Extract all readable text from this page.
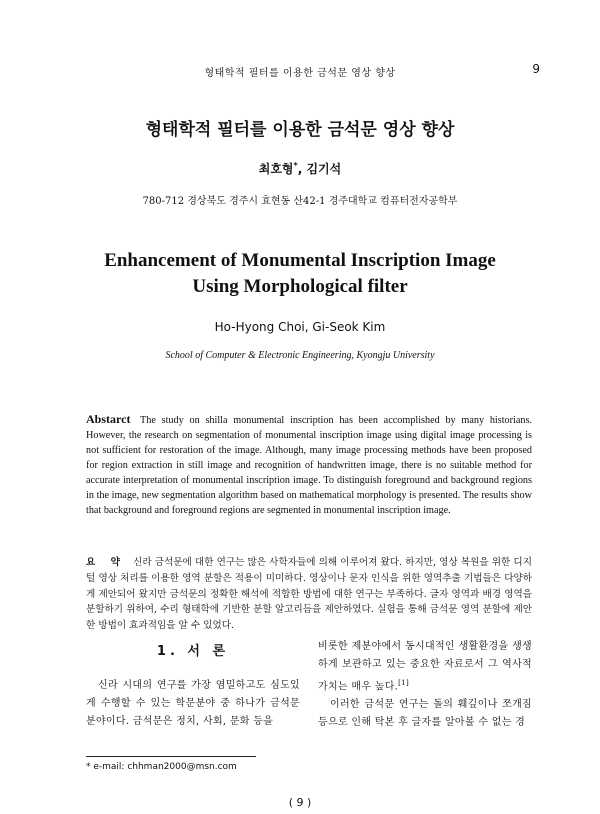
형태학적 필터를 이용한 금석문 영상 향상	9
형태학적 필터를 이용한 금석문 영상 향상
최호형*, 김기석
780-712 경상북도 경주시 효현동 산42-1 경주대학교 컴퓨터전자공학부
Enhancement of Monumental Inscription Image
Using Morphological filter
Ho-Hyong Choi, Gi-Seok Kim
School of Computer & Electronic Engineering, Kyongju University
Abstarct The study on shilla monumental inscription has been accomplished by many historians. However, the research on segmentation of monumental inscription image using digital image processing is not sufficient for restoration of the image. Although, many image processing methods have been proposed for region extraction in still image and recognition of handwritten image, there is no suitable method for accurate interpretation of monumental inscription image. To distinguish foreground and background regions in the image, new segmentation algorithm based on mathematical morphology is presented. The results show that background and foreground regions are segmented in monumental inscription image.
요 약 신라 금석문에 대한 연구는 많은 사학자들에 의해 이루어져 왔다. 하지만, 영상 복원을 위한 디지털 영상 처리를 이용한 영역 분할은 적용이 미미하다. 영상이나 문자 인식을 위한 영역추출 기법들은 다양하게 제안되어 왔지만 금석문의 정확한 해석에 적합한 방법에 대한 연구는 부족하다. 글자 영역과 배경 영역을 분할하기 위하여, 수리 형태학에 기반한 분할 알고리듬을 제안하였다. 실험을 통해 금석문 영역 분할에 제안한 방법이 효과적임을 알 수 있었다.
1. 서 론
신라 시대의 연구를 가장 염밀하고도 심도있게 수행할 수 있는 학문분야 중 하나가 금석문 분야이다. 금석문은 정치, 사회, 문화 등을

비롯한 제분야에서 동시대적인 생활환경을 생생하게 보관하고 있는 중요한 자료로서 그 역사적 가치는 매우 높다.[1]

이러한 금석문 연구는 돌의 훼깊이나 쪼개짐 등으로 인해 탁본 후 글자를 알아볼 수 없는 경

* e-mail: chhman2000@msn.com
( 9 )
